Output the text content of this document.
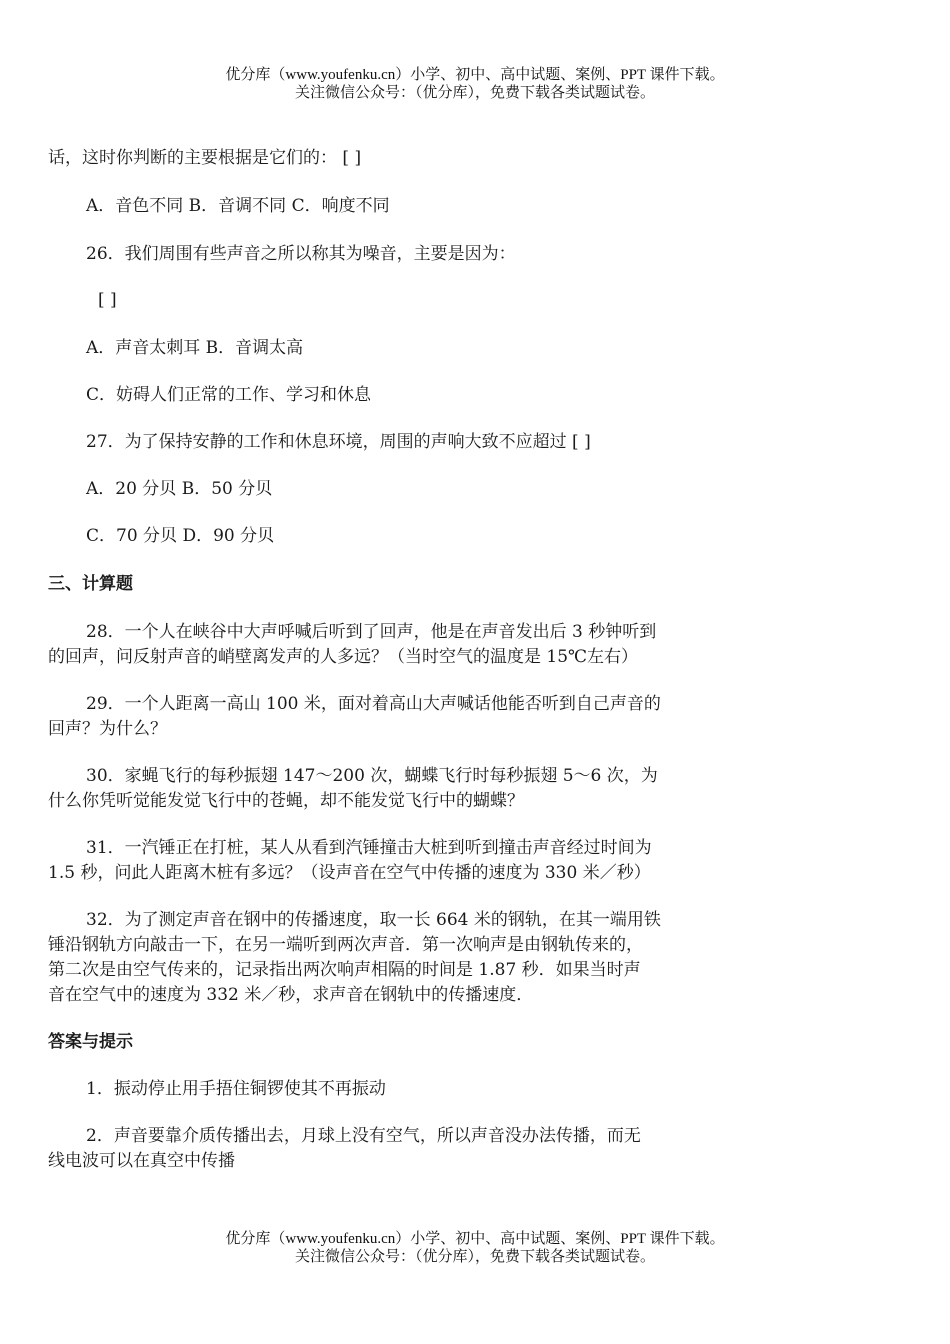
优分库（www.youfenku.cn）小学、初中、高中试题、案例、PPT 课件下载。
关注微信公众号：（优分库），免费下载各类试题试卷。
话，这时你判断的主要根据是它们的： [ ]
A．音色不同 B．音调不同 C．响度不同
26．我们周围有些声音之所以称其为噪音，主要是因为：
[ ]
A．声音太刺耳 B．音调太高
C．妨碍人们正常的工作、学习和休息
27．为了保持安静的工作和休息环境，周围的声响大致不应超过 [ ]
A．20 分贝 B．50 分贝
C．70 分贝 D．90 分贝
三、计算题
28．一个人在峡谷中大声呼喊后听到了回声，他是在声音发出后 3 秒钟听到
的回声，问反射声音的峭壁离发声的人多远？（当时空气的温度是 15℃左右）
29．一个人距离一高山 100 米，面对着高山大声喊话他能否听到自己声音的
回声？为什么？
30．家蝇飞行的每秒振翅 147～200 次，蝴蝶飞行时每秒振翅 5～6 次，为
什么你凭听觉能发觉飞行中的苍蝇，却不能发觉飞行中的蝴蝶？
31．一汽锤正在打桩，某人从看到汽锤撞击大桩到听到撞击声音经过时间为
1.5 秒，问此人距离木桩有多远？（设声音在空气中传播的速度为 330 米／秒）
32．为了测定声音在钢中的传播速度，取一长 664 米的钢轨，在其一端用铁
锤沿钢轨方向敲击一下，在另一端听到两次声音．第一次响声是由钢轨传来的，
第二次是由空气传来的，记录指出两次响声相隔的时间是 1.87 秒．如果当时声
音在空气中的速度为 332 米／秒，求声音在钢轨中的传播速度．
答案与提示
1．振动停止用手捂住铜锣使其不再振动
2．声音要靠介质传播出去，月球上没有空气，所以声音没办法传播，而无
线电波可以在真空中传播
优分库（www.youfenku.cn）小学、初中、高中试题、案例、PPT 课件下载。
关注微信公众号：（优分库），免费下载各类试题试卷。
